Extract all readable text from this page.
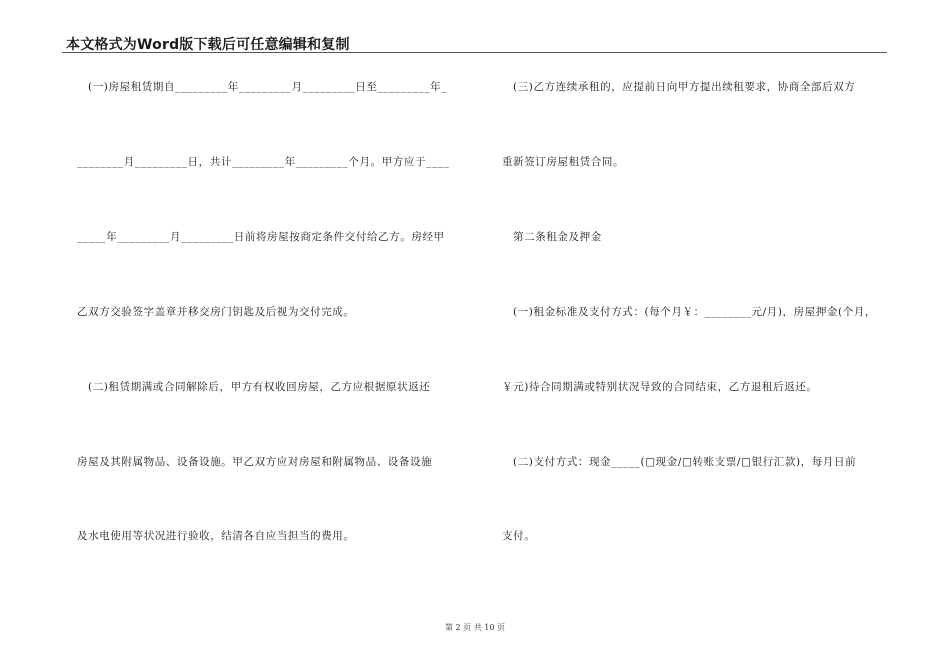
本文格式为Word版下载后可任意编辑和复制
(一)房屋租赁期自_________年_________月_________日至_________年_
________月_________日，共计_________年_________个月。甲方应于____
_____年_________月_________日前将房屋按商定条件交付给乙方。房经甲
乙双方交验签字盖章并移交房门钥匙及后视为交付完成。
(二)租赁期满或合同解除后，甲方有权收回房屋，乙方应根据原状返还
房屋及其附属物品、设备设施。甲乙双方应对房屋和附属物品、设备设施
及水电使用等状况进行验收，结清各自应当担当的费用。
(三)乙方连续承租的，应提前日向甲方提出续租要求，协商全部后双方
重新签订房屋租赁合同。
第二条租金及押金
(一)租金标准及支付方式：(每个月￥：________元/月)，房屋押金(个月，
￥元)待合同期满或特别状况导致的合同结束，乙方退租后返还。
(二)支付方式：现金_____(□现金/□转账支票/□银行汇款)，每月日前
支付。
第 2 页 共 10 页
